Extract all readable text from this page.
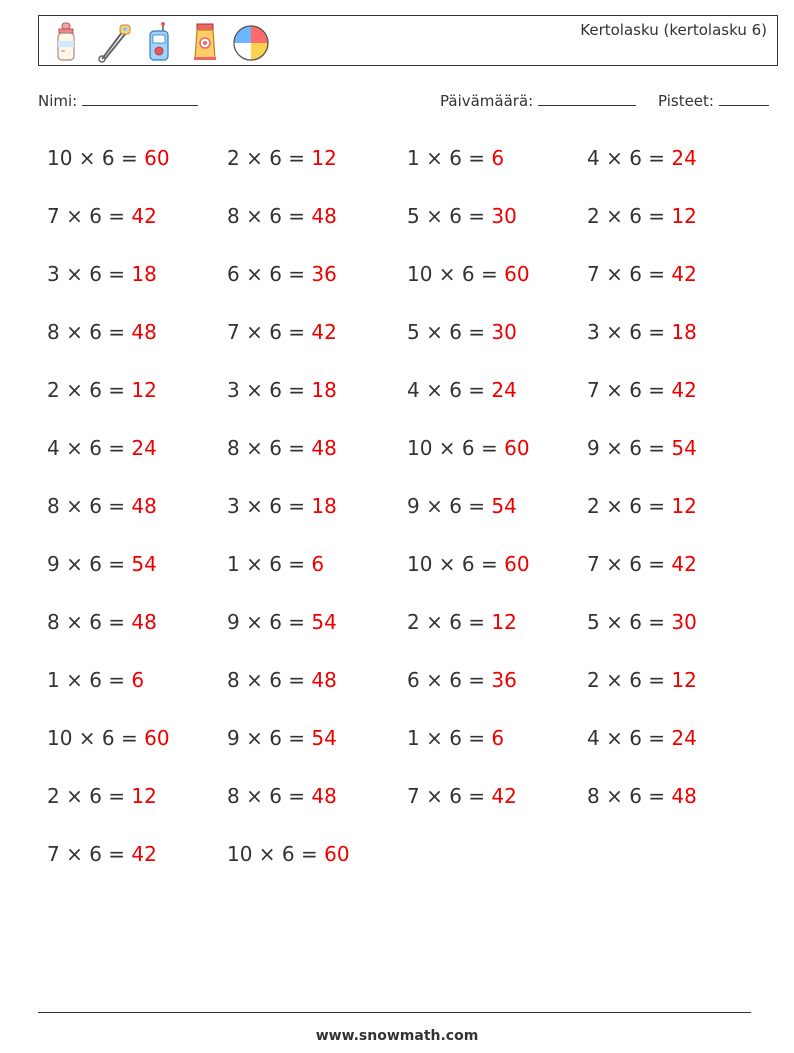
Kertolasku (kertolasku 6)
Nimi:	Päivämäärä:	Pisteet:
10 × 6 = 60	2 × 6 = 12	1 × 6 = 6	4 × 6 = 24
7 × 6 = 42	8 × 6 = 48	5 × 6 = 30	2 × 6 = 12
3 × 6 = 18	6 × 6 = 36	10 × 6 = 60	7 × 6 = 42
8 × 6 = 48	7 × 6 = 42	5 × 6 = 30	3 × 6 = 18
2 × 6 = 12	3 × 6 = 18	4 × 6 = 24	7 × 6 = 42
4 × 6 = 24	8 × 6 = 48	10 × 6 = 60	9 × 6 = 54
8 × 6 = 48	3 × 6 = 18	9 × 6 = 54	2 × 6 = 12
9 × 6 = 54	1 × 6 = 6	10 × 6 = 60	7 × 6 = 42
8 × 6 = 48	9 × 6 = 54	2 × 6 = 12	5 × 6 = 30
1 × 6 = 6	8 × 6 = 48	6 × 6 = 36	2 × 6 = 12
10 × 6 = 60	9 × 6 = 54	1 × 6 = 6	4 × 6 = 24
2 × 6 = 12	8 × 6 = 48	7 × 6 = 42	8 × 6 = 48
7 × 6 = 42	10 × 6 = 60
www.snowmath.com
